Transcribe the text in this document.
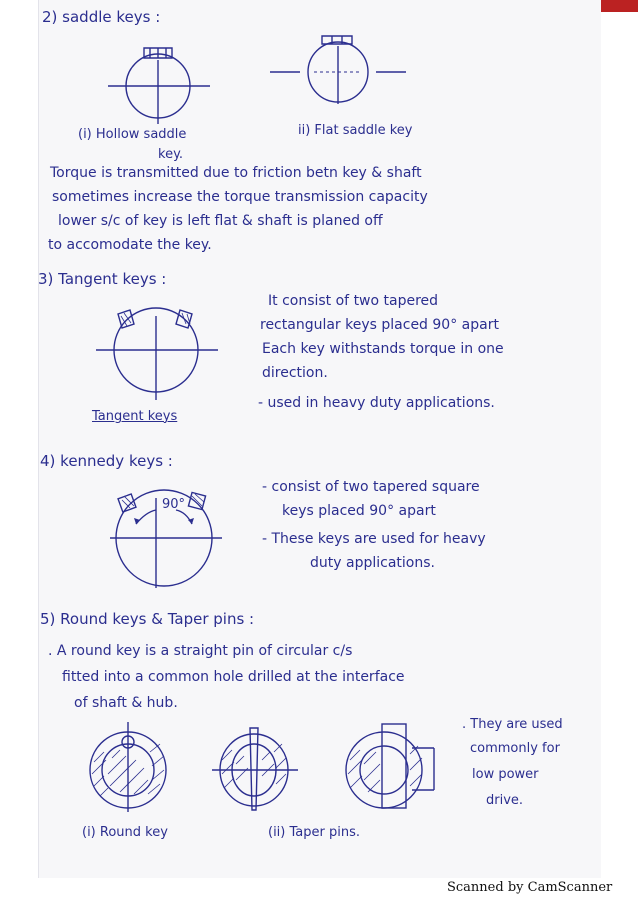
2) saddle keys :
(i) Hollow saddle
key.
ii) Flat saddle key
Torque is transmitted due to friction betn key & shaft
sometimes increase the torque transmission capacity
lower s/c of key is left flat & shaft is planed off
to accomodate the key.
3) Tangent keys :
It consist of two tapered
rectangular keys placed 90° apart
Each key withstands torque in one
direction.
- used in heavy duty applications.
Tangent keys
4) kennedy keys :
90°
- consist of two tapered square
keys placed 90° apart
- These keys are used for heavy
duty applications.
5) Round keys & Taper pins :
. A round key is a straight pin of circular c/s
fitted into a common hole drilled at the interface
of shaft & hub.
. They are used
commonly for
low power
drive.
(i) Round key	(ii) Taper pins.
Scanned by CamScanner
